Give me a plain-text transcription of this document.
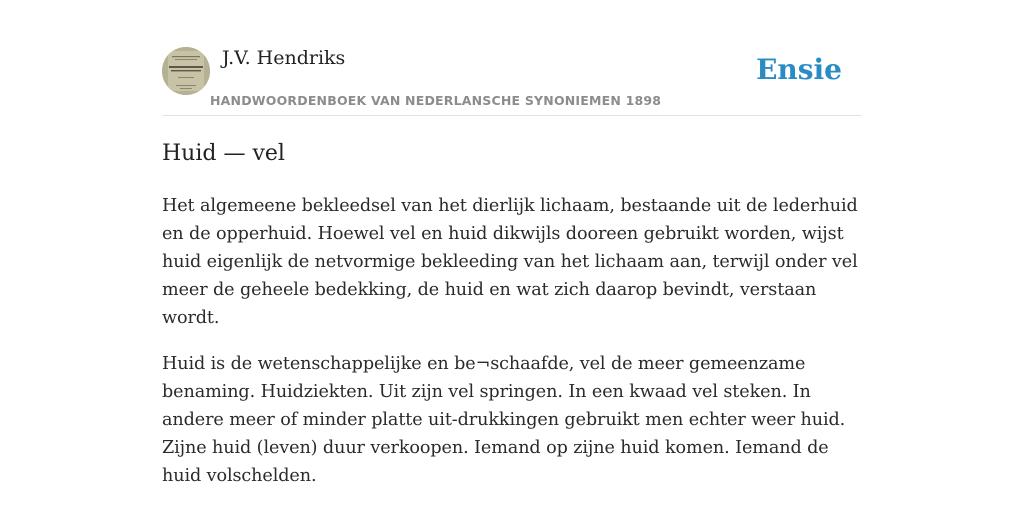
J.V. Hendriks
HANDWOORDENBOEK VAN NEDERLANSCHE SYNONIEMEN 1898
Ensie
Huid — vel

Het algemeene bekleedsel van het dierlijk lichaam, bestaande uit de lederhuid en de opperhuid. Hoewel vel en huid dikwijls dooreen gebruikt worden, wijst huid eigenlijk de netvormige bekleeding van het lichaam aan, terwijl onder vel meer de geheele bedekking, de huid en wat zich daarop bevindt, verstaan wordt.

Huid is de wetenschappelijke en be¬schaafde, vel de meer gemeenzame benaming. Huidziekten. Uit zijn vel springen. In een kwaad vel steken. In andere meer of minder platte uit-drukkingen gebruikt men echter weer huid. Zijne huid (leven) duur verkoopen. Iemand op zijne huid komen. Iemand de huid volschelden.
